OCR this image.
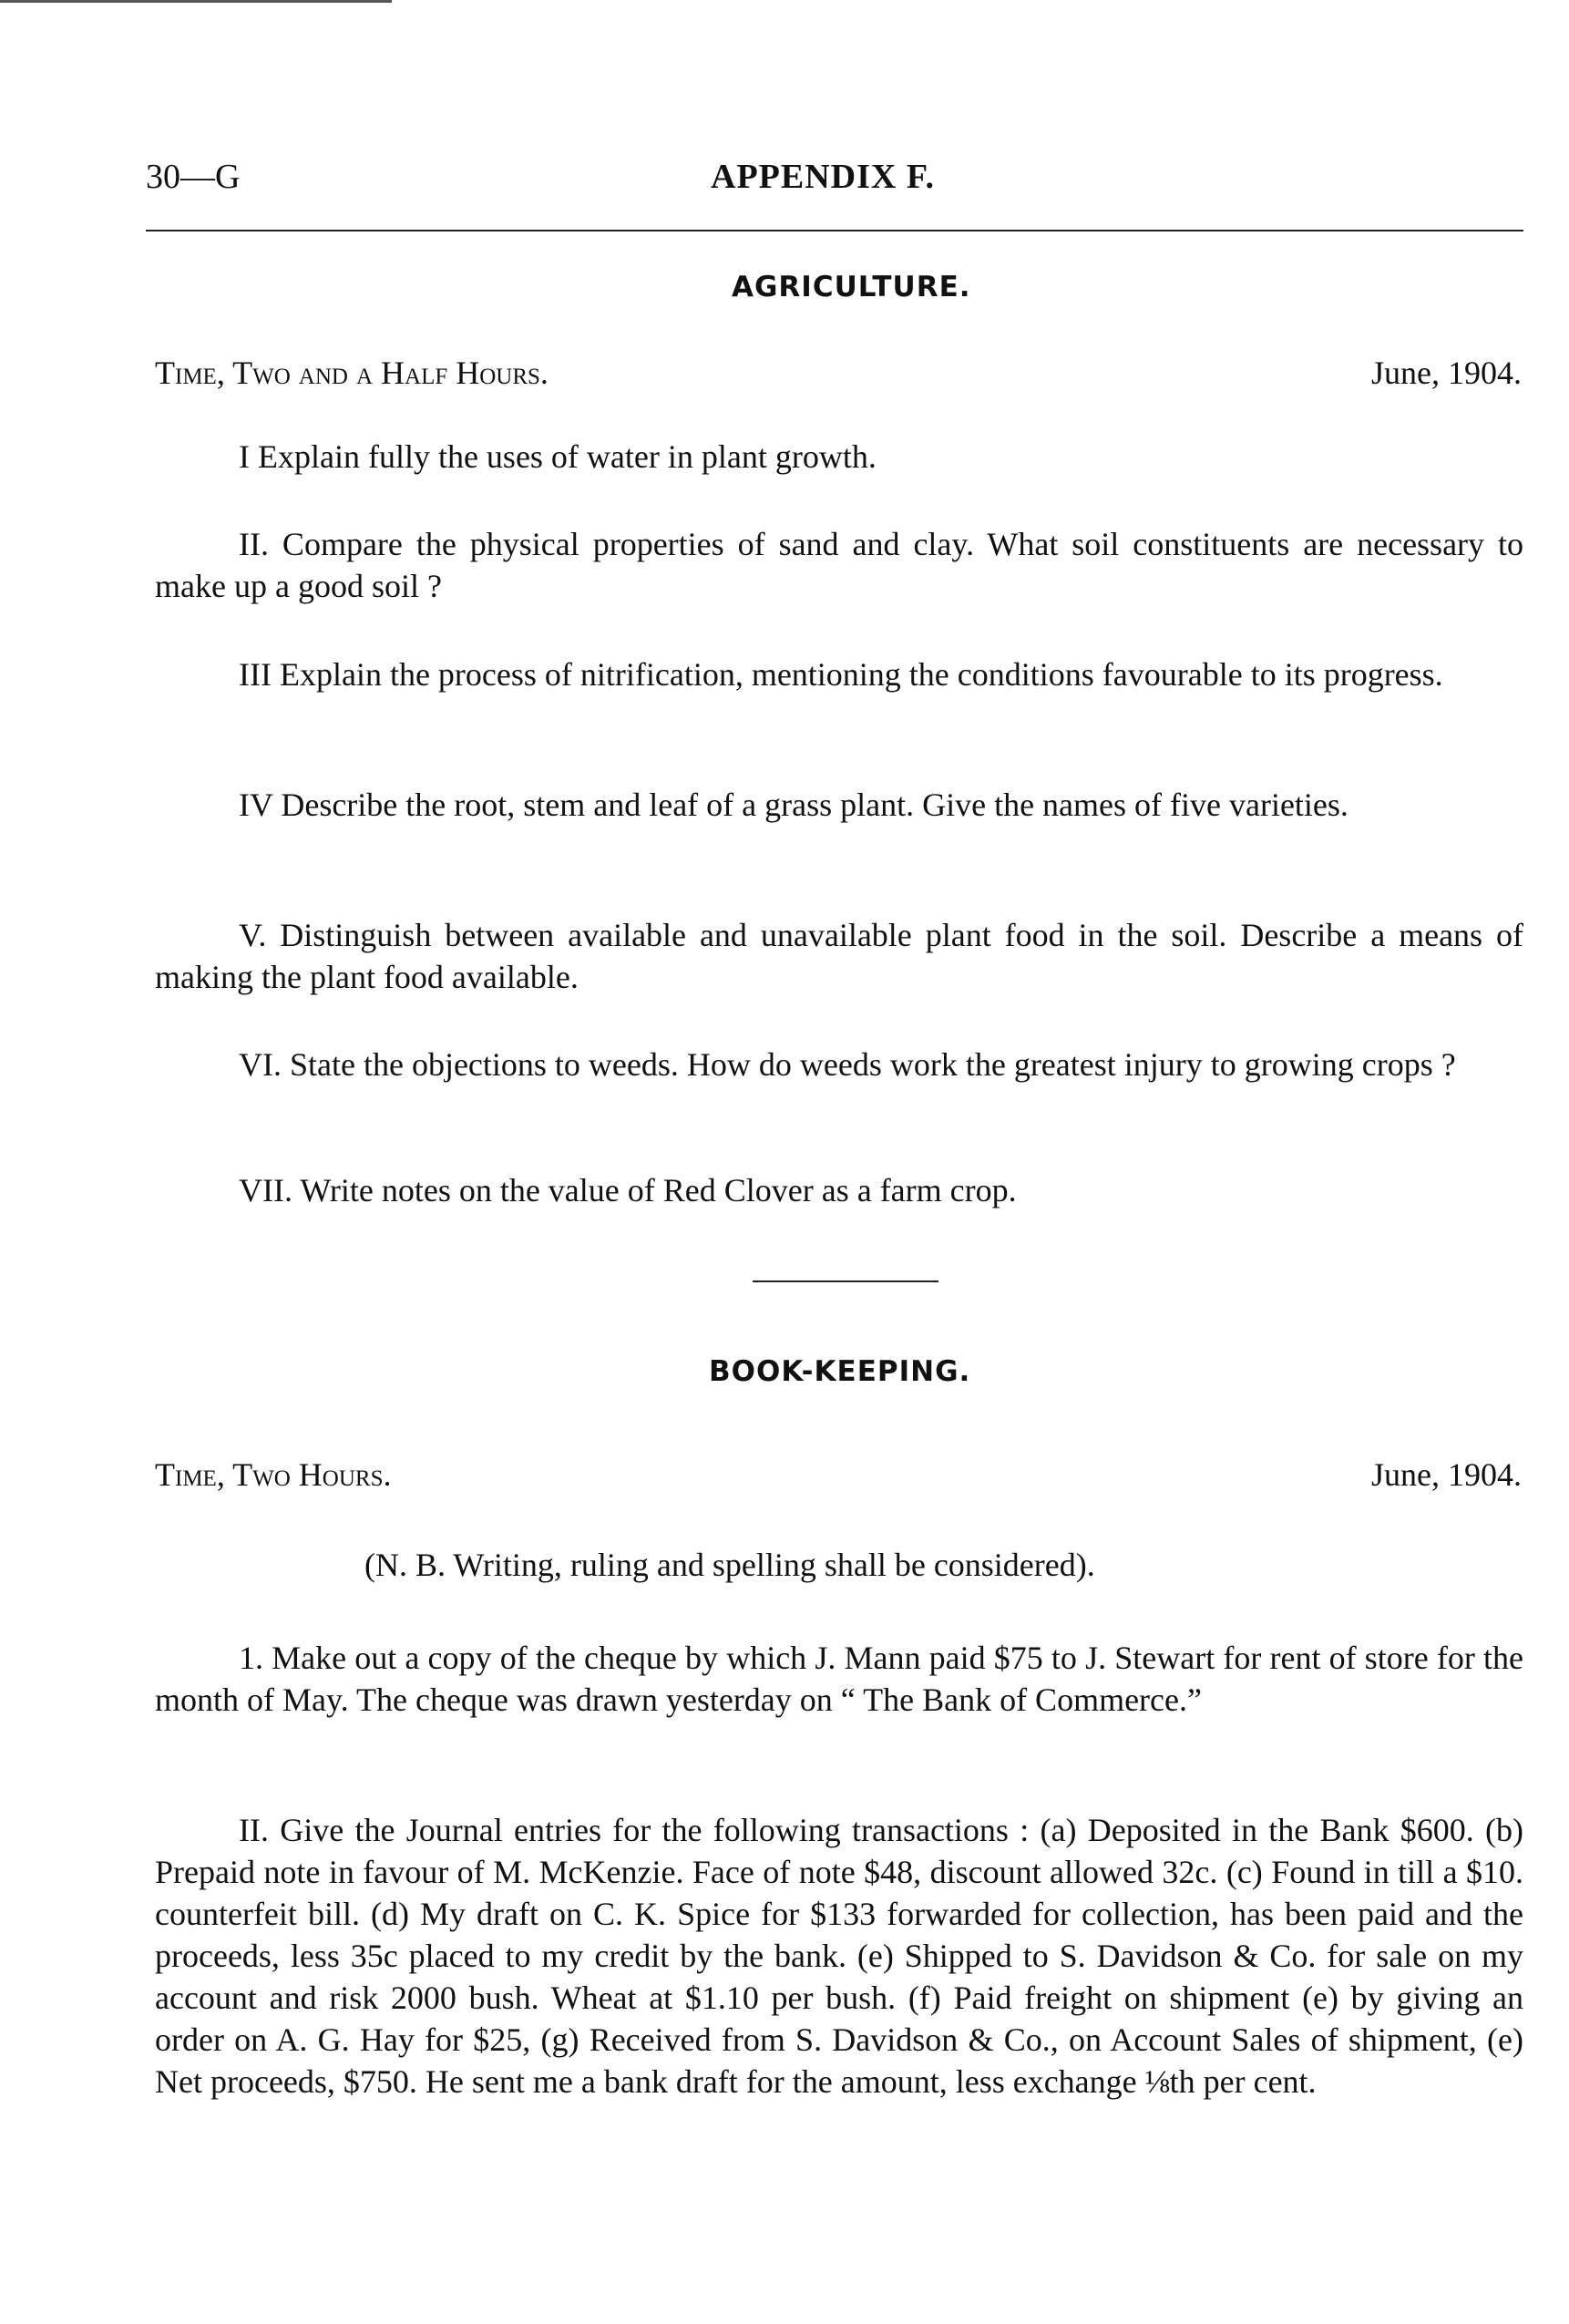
30—G	APPENDIX F.
AGRICULTURE.
Time, Two and a Half Hours.	June, 1904.
I Explain fully the uses of water in plant growth.
II. Compare the physical properties of sand and clay. What soil constituents are necessary to make up a good soil ?
III Explain the process of nitrification, mentioning the conditions favourable to its progress.
IV Describe the root, stem and leaf of a grass plant. Give the names of five varieties.
V. Distinguish between available and unavailable plant food in the soil. Describe a means of making the plant food available.
VI. State the objections to weeds. How do weeds work the greatest injury to growing crops ?
VII. Write notes on the value of Red Clover as a farm crop.
BOOK-KEEPING.
Time, Two Hours.	June, 1904.
(N. B. Writing, ruling and spelling shall be considered).
1. Make out a copy of the cheque by which J. Mann paid $75 to J. Stewart for rent of store for the month of May. The cheque was drawn yesterday on “ The Bank of Commerce.”
II. Give the Journal entries for the following transactions : (a) Deposited in the Bank $600. (b) Prepaid note in favour of M. McKenzie. Face of note $48, discount allowed 32c. (c) Found in till a $10. counterfeit bill. (d) My draft on C. K. Spice for $133 forwarded for collection, has been paid and the proceeds, less 35c placed to my credit by the bank. (e) Shipped to S. Davidson & Co. for sale on my account and risk 2000 bush. Wheat at $1.10 per bush. (f) Paid freight on shipment (e) by giving an order on A. G. Hay for $25, (g) Received from S. Davidson & Co., on Account Sales of shipment, (e) Net proceeds, $750. He sent me a bank draft for the amount, less exchange ⅛th per cent.
